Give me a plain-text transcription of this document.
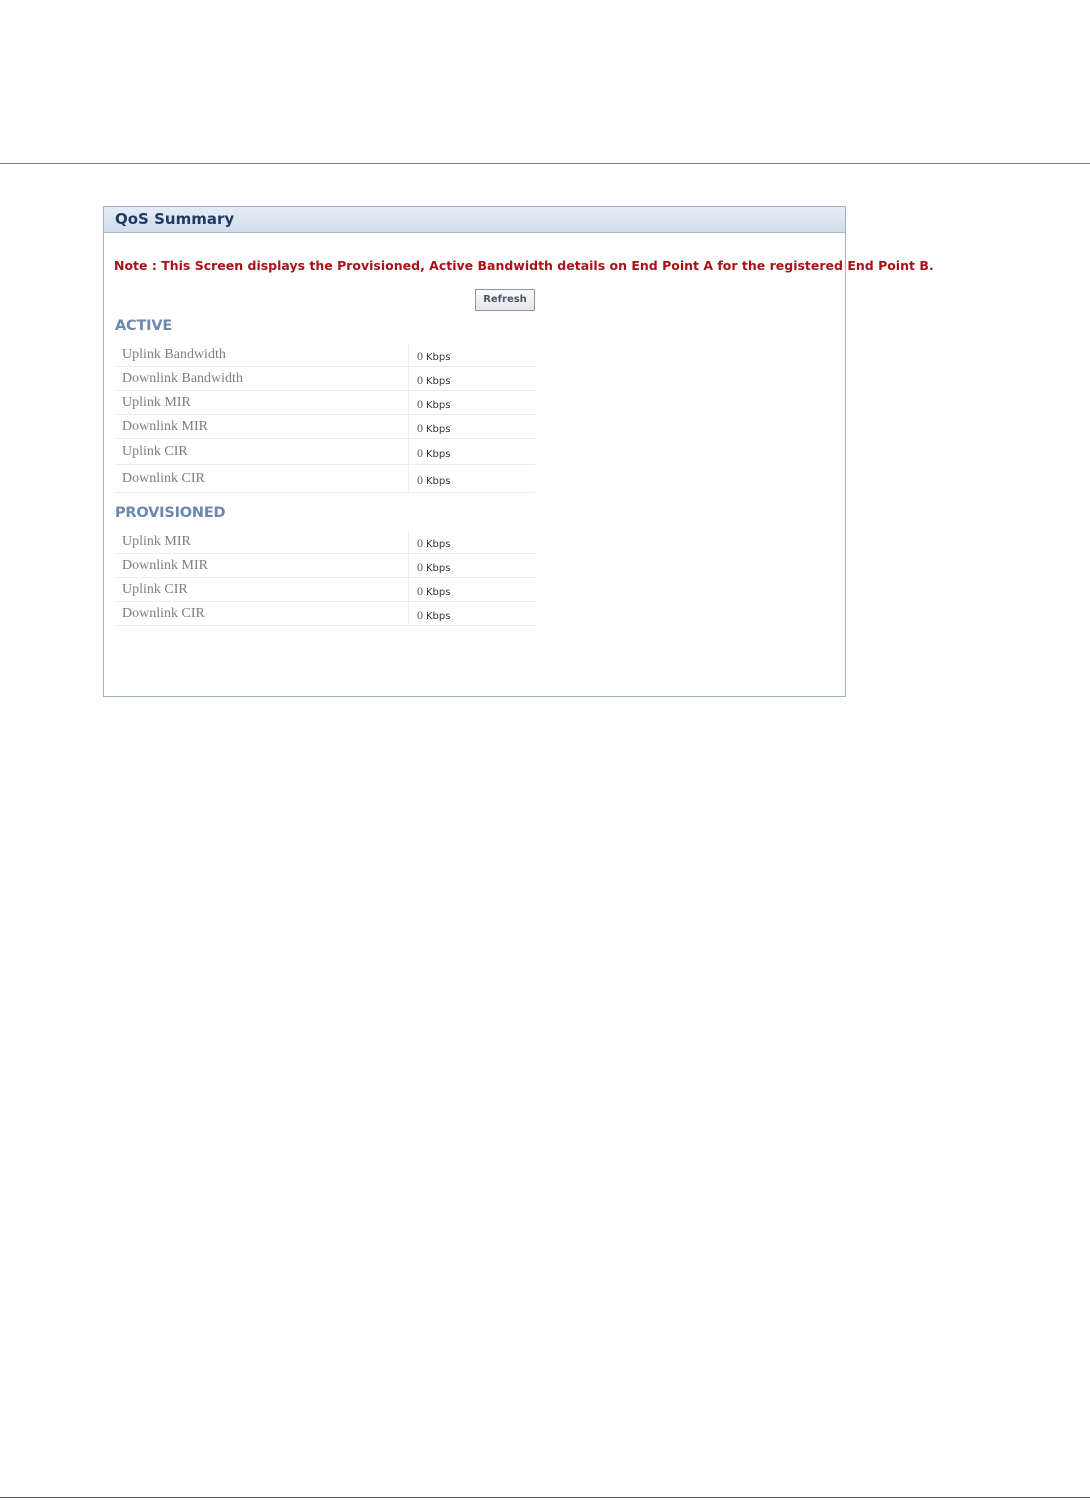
QoS Summary
Note : This Screen displays the Provisioned, Active Bandwidth details on End Point A for the registered End Point B.
Refresh
ACTIVE
Uplink Bandwidth	0 Kbps
Downlink Bandwidth	0 Kbps
Uplink MIR	0 Kbps
Downlink MIR	0 Kbps
Uplink CIR	0 Kbps
Downlink CIR	0 Kbps
PROVISIONED
Uplink MIR	0 Kbps
Downlink MIR	0 Kbps
Uplink CIR	0 Kbps
Downlink CIR	0 Kbps
